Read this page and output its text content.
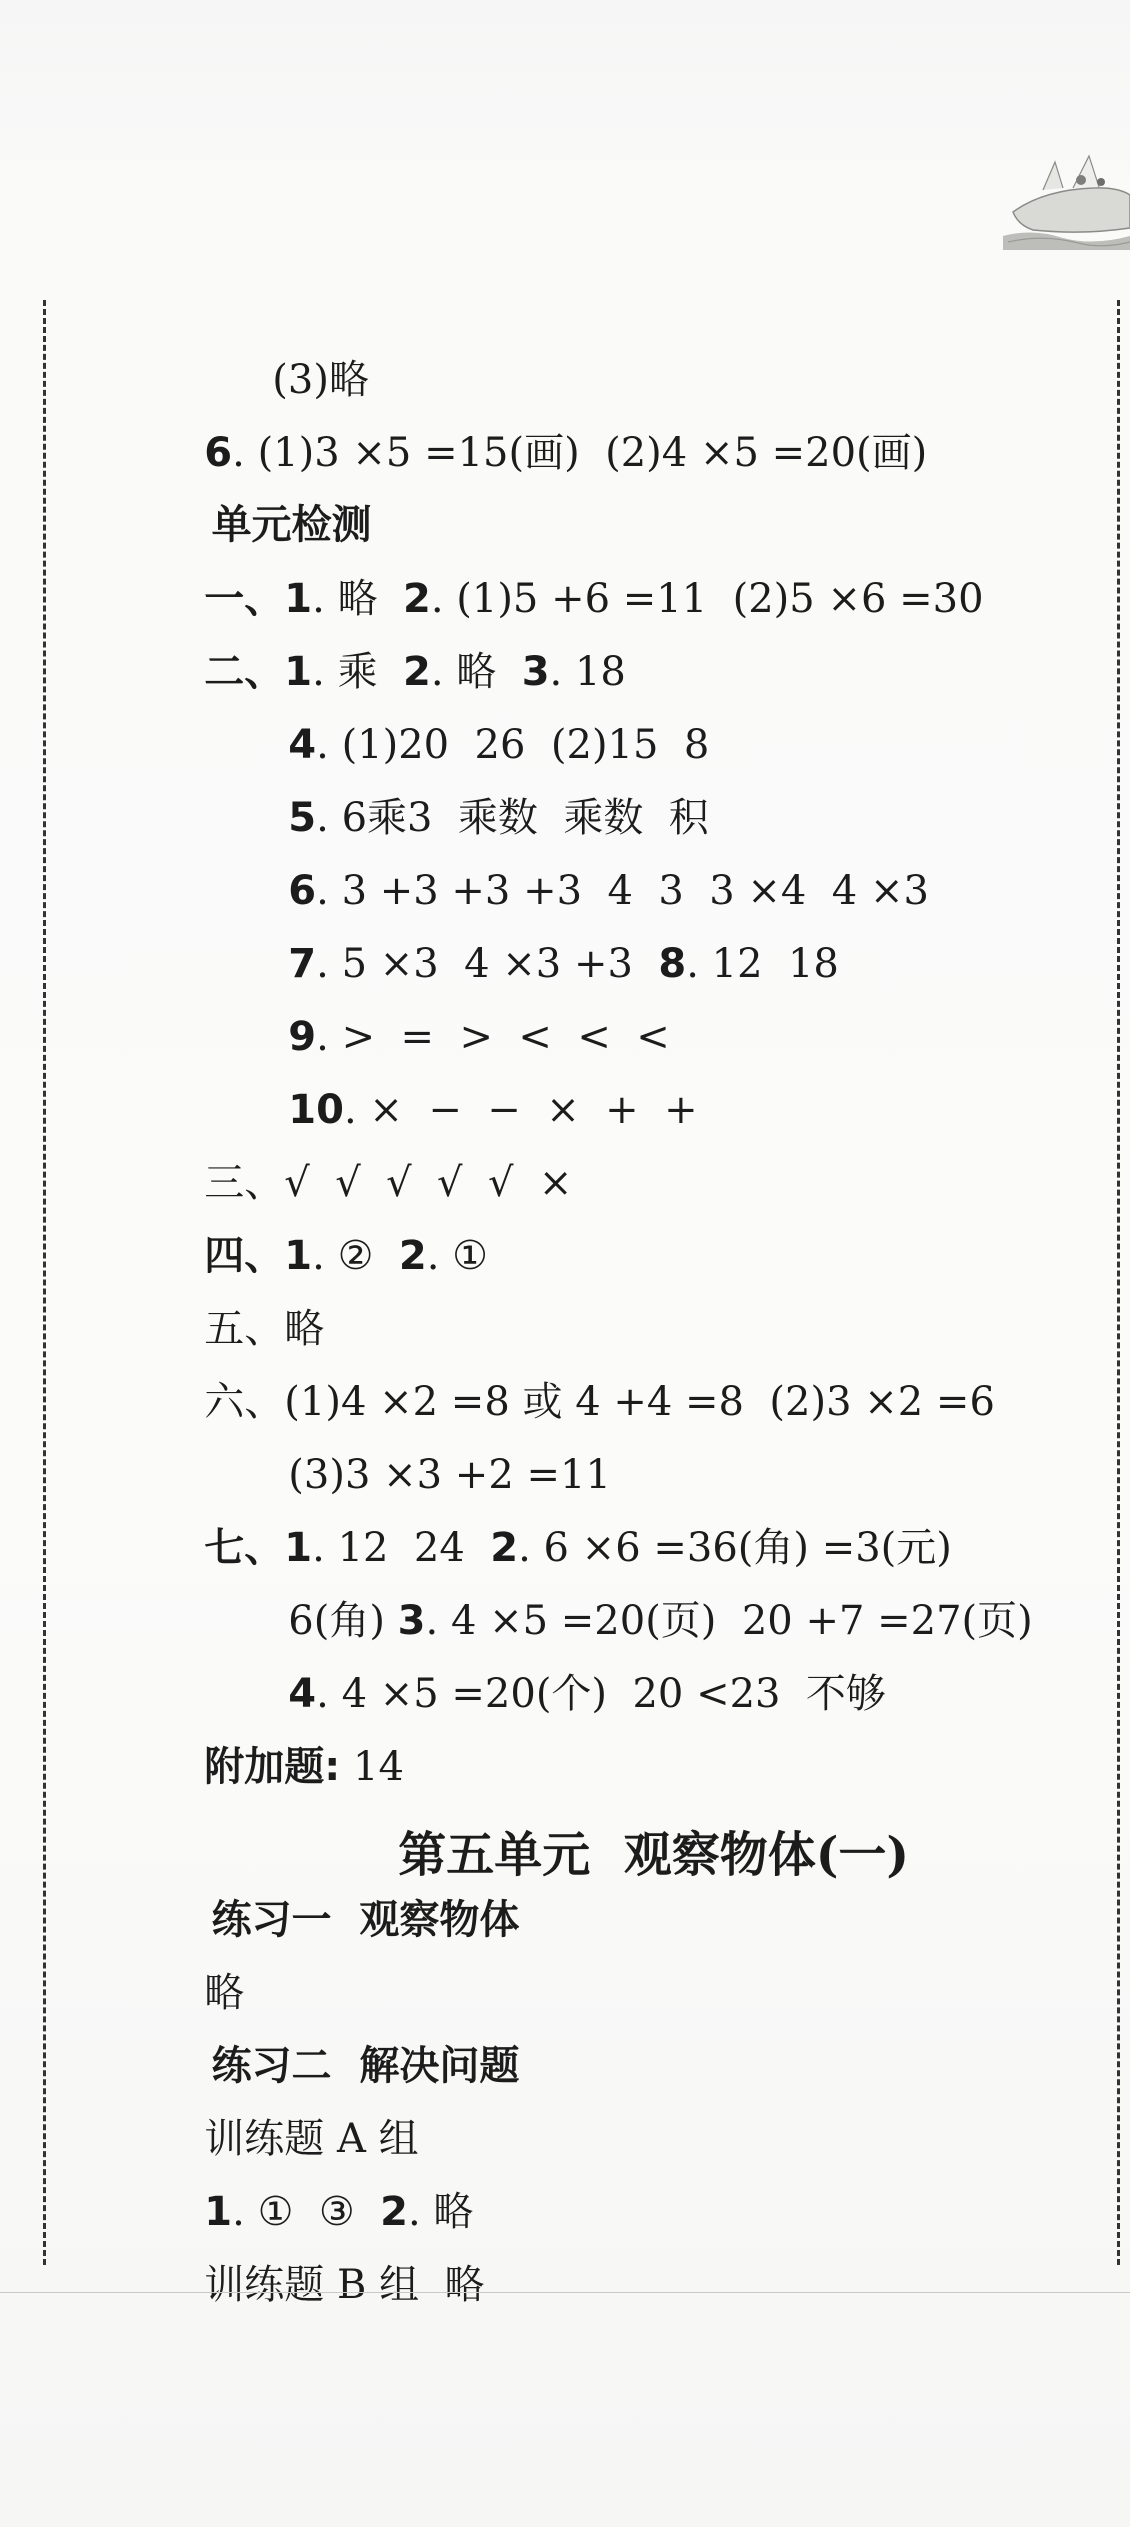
(3)略

6. (1)3 ×5 =15(画)  (2)4 ×5 =20(画)

单元检测

一、1. 略  2. (1)5 +6 =11  (2)5 ×6 =30

二、1. 乘  2. 略  3. 18

4. (1)20  26  (2)15  8

5. 6乘3  乘数  乘数  积

6. 3 +3 +3 +3  4  3  3 ×4  4 ×3

7. 5 ×3  4 ×3 +3  8. 12  18

9. >  =  >  <  <  <

10. ×  −  −  ×  +  +

三、√  √  √  √  √  ×

四、1. ②  2. ①

五、略

六、(1)4 ×2 =8 或 4 +4 =8  (2)3 ×2 =6

(3)3 ×3 +2 =11

七、1. 12  24  2. 6 ×6 =36(角) =3(元)

6(角) 3. 4 ×5 =20(页)  20 +7 =27(页)

4. 4 ×5 =20(个)  20 <23  不够

附加题: 14

第五单元  观察物体(一)

练习一  观察物体

略

练习二  解决问题

训练题 A 组

1. ①  ③  2. 略

训练题 B 组  略
